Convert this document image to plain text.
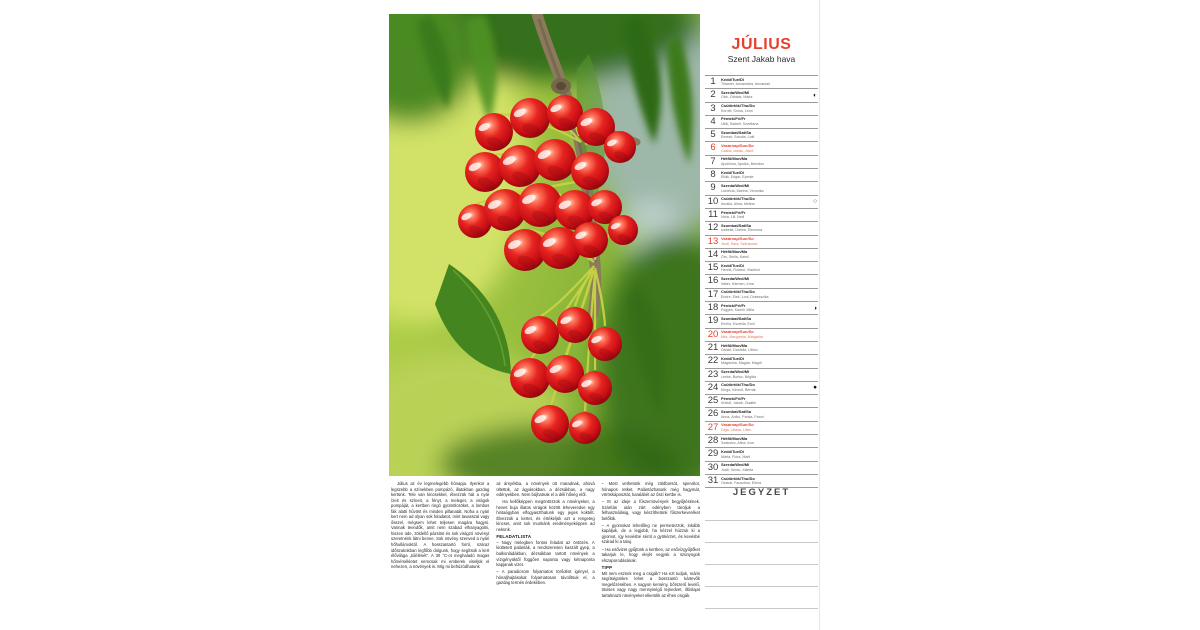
JÚLIUS

Szent Jakab hava

1	Kedd/Tue/Di
Tihamér, Annamária, Annamari
2	Szerda/Wed/Mi
Ottó, Ottokár, Mária	◐
3	Csütörtök/Thu/Do
Kornél, Soma, Leon
4	Péntek/Fri/Fr
Ulrik, Babett, Szvetlána
5	Szombat/Sat/Sa
Emese, Sarolta, Lotti
6	Vasárnap/Sun/So
Csaba, Izaiás, Jávor
7	Hétfő/Mon/Ma
Apollónia, Apolka, Brendon
8	Kedd/Tue/Di
Ellák, Edgár, Eperke
9	Szerda/Wed/Mi
Lukrécia, Marina, Veronika
10 Csütörtök/Thu/Do
Amália, Alma, Melina	○
11 Péntek/Fri/Fr
Nóra, Lili, Nelli
12 Szombat/Sat/Sa
Izabella, Dalma, Eleonóra
13 Vasárnap/Sun/So
Jenő, Sára, Szilvánusz
14 Hétfő/Mon/Ma
Örs, Stella, Kamil
15 Kedd/Tue/Di
Henrik, Roland, Vladimír
16 Szerda/Wed/Mi
Valter, Kármen, Irma
17 Csütörtök/Thu/Do
Endre, Elek, Loni, Dzsesszika
18 Péntek/Fri/Fr
Frigyes, Kamill, Milla	◑
19 Szombat/Sat/Sa
Emília, Esztella, Emil
20 Vasárnap/Sun/So
Illés, Margaréta, Margarita
21 Hétfő/Mon/Ma
Dániel, Daniella, Lőrinc
22 Kedd/Tue/Di
Magdolna, Magda, Magdi
23 Szerda/Wed/Mi
Lenke, Borisz, Brigitta
24 Csütörtök/Thu/Do
Kinga, Kincső, Bernát	●
25 Péntek/Fri/Fr
Kristóf, Jakab, Zsaklin
26 Szombat/Sat/Sa
Anna, Anikó, Panka, Panni
27 Vasárnap/Sun/So
Olga, Liliána, Lilien
28 Hétfő/Mon/Ma
Szabolcs, Alina, Ince
29 Kedd/Tue/Di
Márta, Flóra, Márti
30 Szerda/Wed/Mi
Judit, Xénia, Julietta
31 Csütörtök/Thu/Do
Oszkár, Fausztina, Elena

JEGYZET

Július az év legmelegebb hónapja. Ilyenkor a legszebb a színekben pompázó, illatokban gazdag kertünk. Tele van kincsekkel, élvezzük hát a nyár ízeit és színeit, a fényt, a meleget, a virágok pompáját, a kertben ringó gyümölcsöket, a lombos fák alatti hűvöst és minden pillanatát. Noha a nyári kert nem ad olyan sok feladatot, mint tavasszal vagy ősszel, mégsem lehet teljesen magára hagyni. Vannak teendők, amit nem szabad elhanyagolni, hiszen üde, zöldellő pázsitot és sok virágzó növényt szeretnénk látni benne. Sok növény szenved a nyári hőhullámoktól. A hosszantartó forró, száraz időszakokban legfőbb dolgunk, hogy segítsük a kert élővilága „túlélését”. A 30 °C-ot meghaladó magas hőmérsékletet nemcsak mi emberek viseljük el nehezen, a növények is. Míg mi behúzódhatunk

az árnyékba, a növények ott maradnak, ahová ültettük, az ágyásokban, a dézsákban, a nagy edényekben. Nem bújhatnak el a déli hőség elől.

Ha kellőképpen megöntözzük a növényeket, a heves buja illatos virágok között leheveredve egy hintaágyban elfogyaszthatunk egy jeges koktélt. Élvezzük a kertet, és értékeljük azt a rengeteg kincset, amit sok munkánk eredményeképpen ad nekünk.

FELADATLISTA

– Nagy melegben fontos feladat az öntözés. A kiültetett palánták, a rendszeresen kaszált gyep, a balkonládákban, dézsákban tartott növények a vízigényüktől függően naponta vagy kétnaponta kapjanak vizet.

– A paradicsom folyamatos törődést igényel, a hónaljhajtásokat folyamatosan távolítsuk el, a gazdag termés érdekében.

– Most vethetünk még zöldborsót, spenótot, hónapos retket. Palántázhatunk még hagymát, vöröskáposztát, karalábét az őszi kertbe is.

– Itt az ideje a fűszernövények begyűjtésének. Szárítás után zárt edényben tároljuk a felhasználásig, vagy készíthetünk fűszerkeveréket belőlük.

– A gyomokat lehetőleg ne permetezzük, inkább kapáljuk, de a legjobb, ha kézzel húzzuk ki a gyomot, így kevésbé sérül a gyökérzet, és kevésbé szárad ki a talaj.

– Ha esővizet gyűjtünk a kertben, az esővízgyűjtőket takarjuk le, hogy elejét vegyük a szúnyogok elszaporodásának.

TIPP

Mit nem esznek meg a csigák? Ha ezt tudjuk, máris segítségünkre lehet a bosszantó kártevők megelőzésében. A nagyon kemény, bőrszerű levelű, tövises vagy nagy mennyiségű tejnedvet, illóolajat tartalmazó növényeket elkerülik az éhes csigák.
